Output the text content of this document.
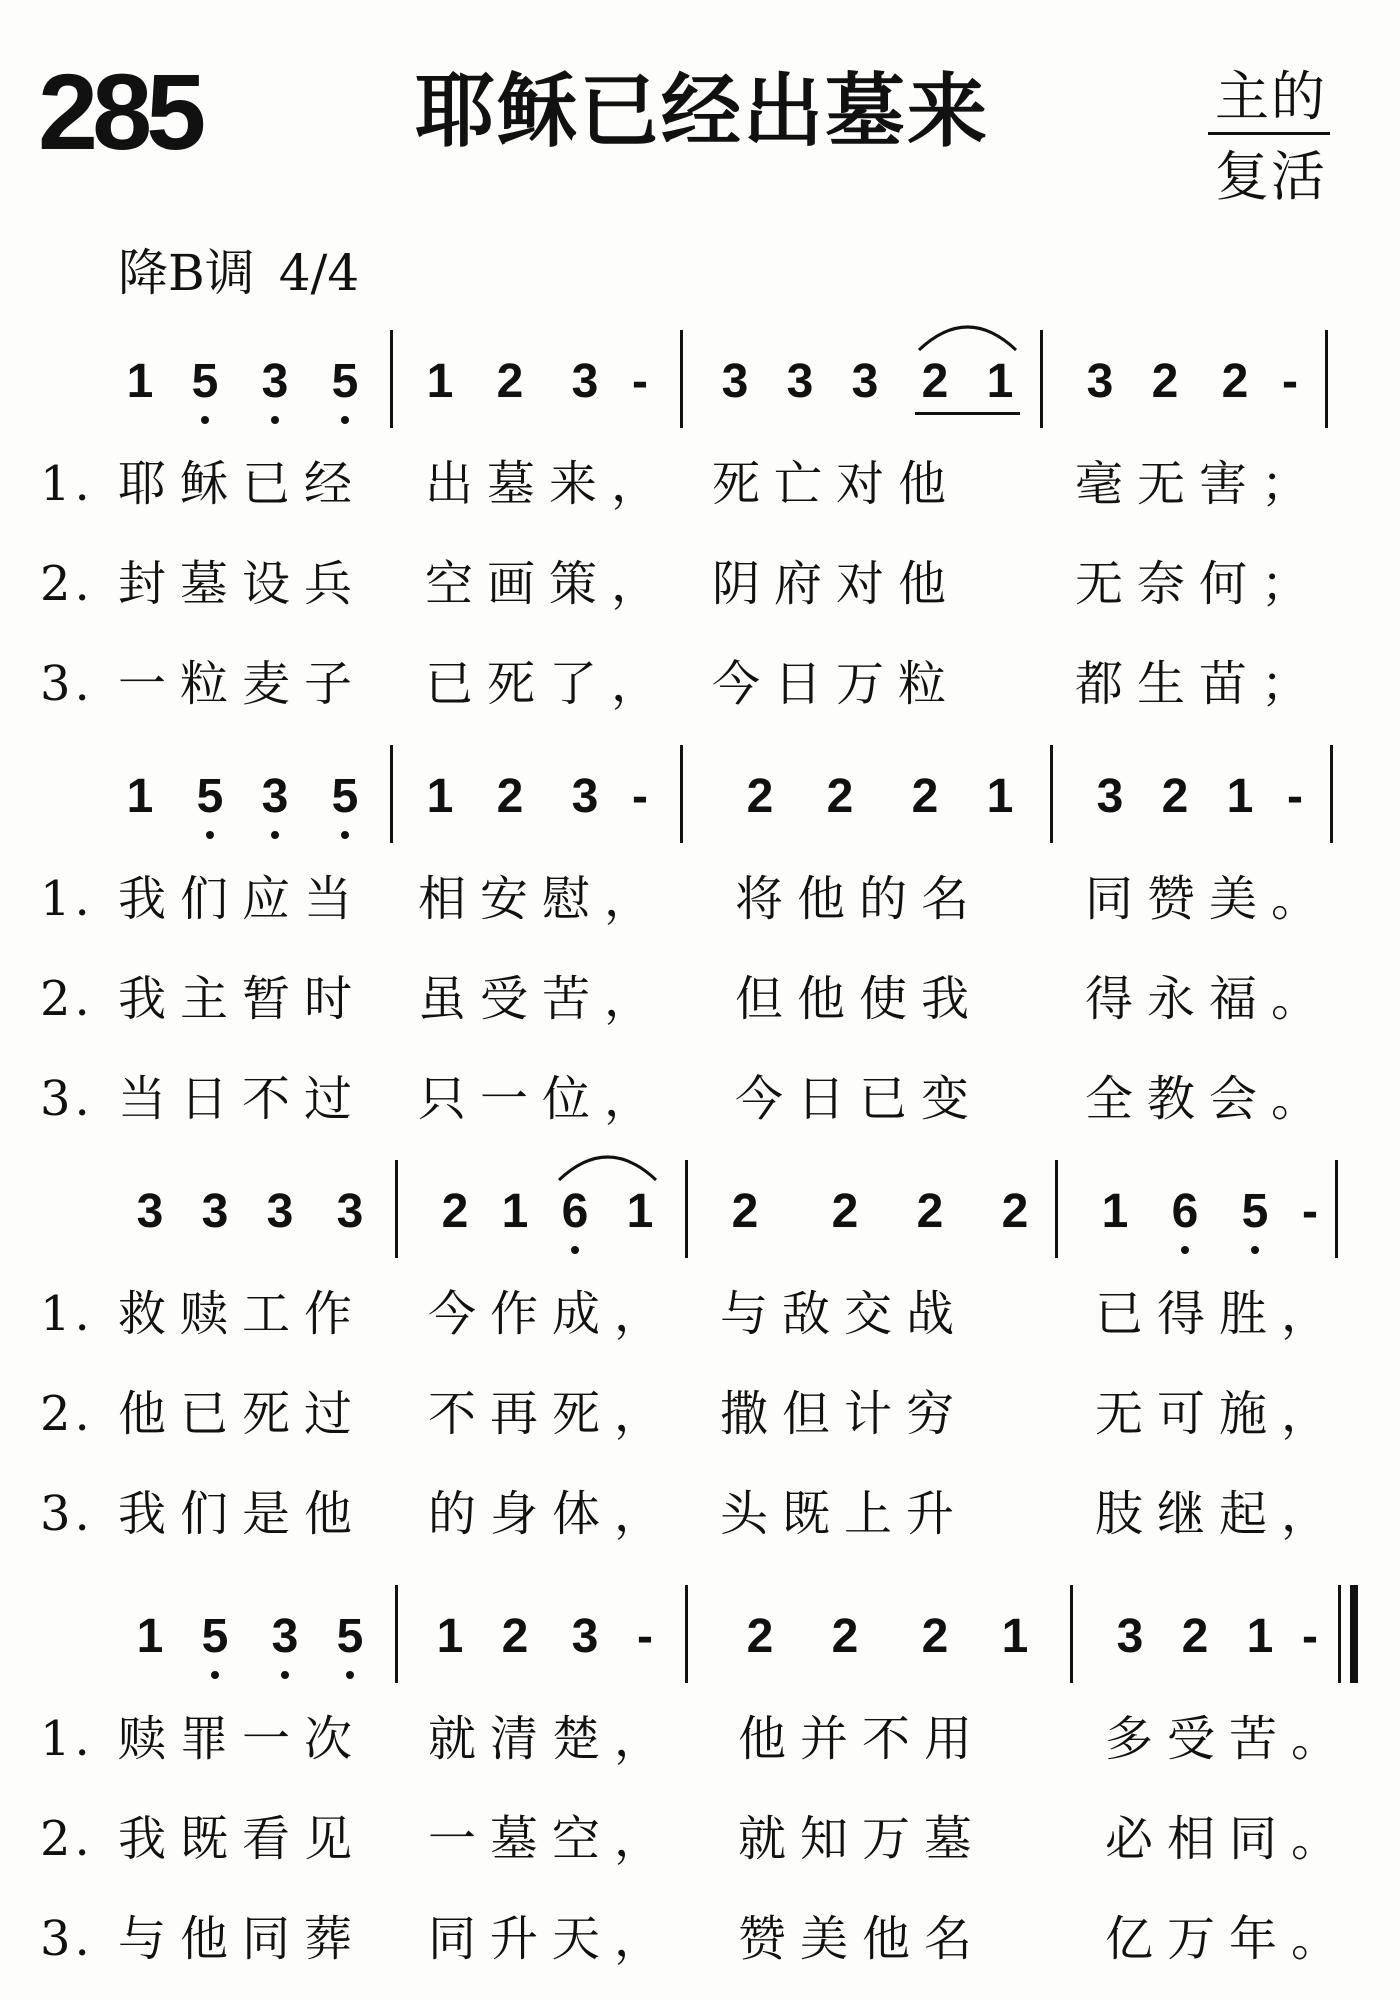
285	耶稣已经出墓来	主的
复活
降B调 4/4
1 5 3 5 1 2 3 - 3 3 3 2 1 3 2 2 -
1. 耶稣已经 出墓来， 死亡对他 毫无害；
2. 封墓设兵 空画策， 阴府对他 无奈何；
3. 一粒麦子 已死了， 今日万粒 都生苗；
1 5 3 5 1 2 3 - 2 2 2 1 3 2 1 -
1. 我们应当 相安慰， 将他的名 同赞美。
2. 我主暂时 虽受苦， 但他使我 得永福。
3. 当日不过 只一位， 今日已变 全教会。
3 3 3 3 2 1 6 1 2 2 2 2 1 6 5 -
1. 救赎工作 今作成， 与敌交战	已得胜，
2. 他已死过 不再死， 撒但计穷	无可施，
3. 我们是他 的身体， 头既上升	肢继起，
1 5 3 5 1 2 3 - 2 2 2 1 3 2 1 -
1. 赎罪一次 就清楚， 他并不用 多受苦。
2. 我既看见 一墓空， 就知万墓 必相同。
3. 与他同葬 同升天， 赞美他名 亿万年。
